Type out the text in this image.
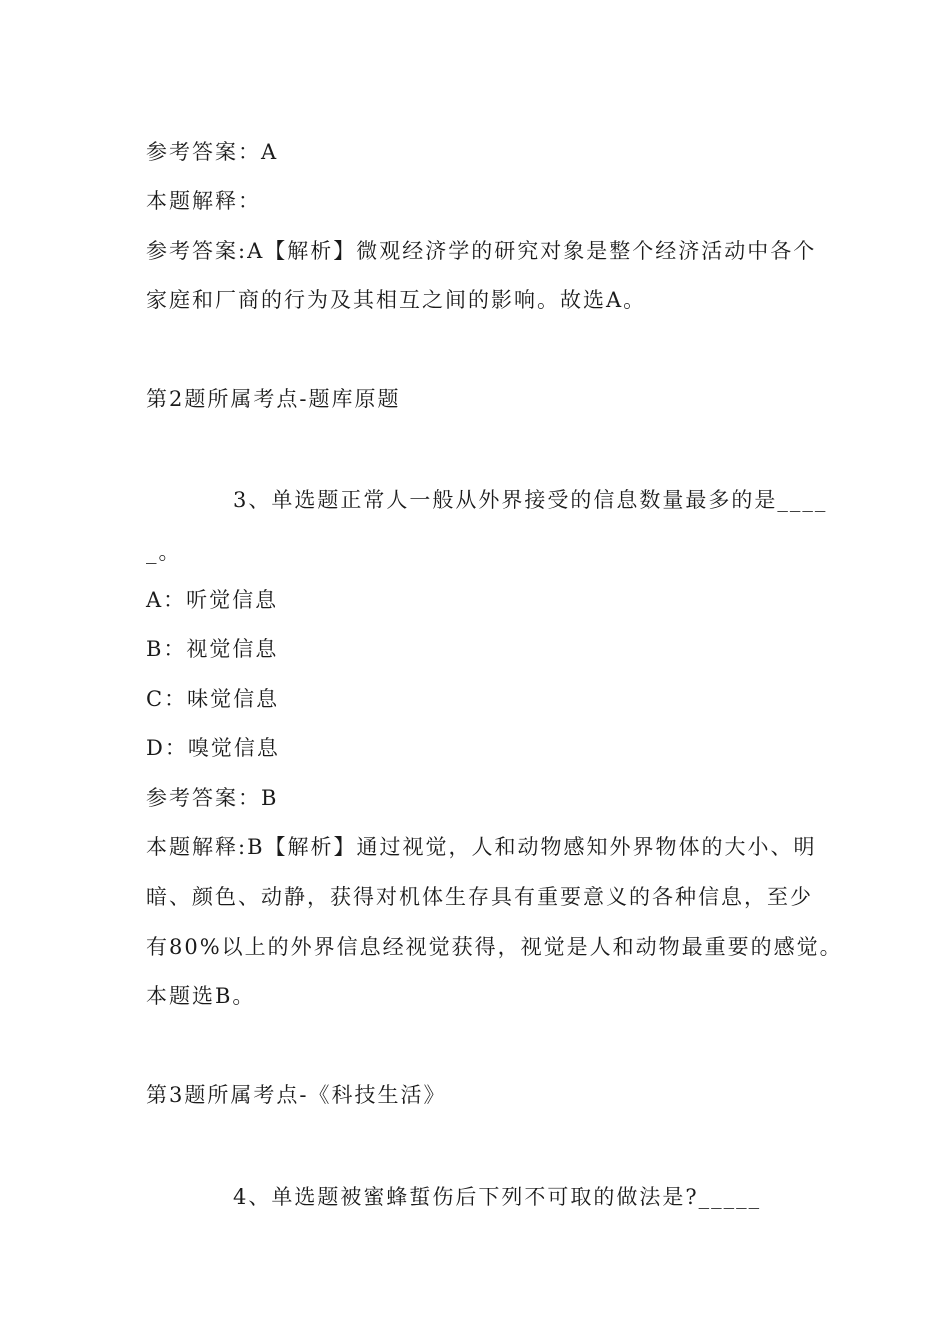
参考答案：A
本题解释：
参考答案:A【解析】微观经济学的研究对象是整个经济活动中各个
家庭和厂商的行为及其相互之间的影响。故选A。
第2题所属考点-题库原题
3、单选题正常人一般从外界接受的信息数量最多的是____
_。
A：听觉信息
B：视觉信息
C：味觉信息
D：嗅觉信息
参考答案：B
本题解释:B【解析】通过视觉，人和动物感知外界物体的大小、明
暗、颜色、动静，获得对机体生存具有重要意义的各种信息，至少
有80%以上的外界信息经视觉获得，视觉是人和动物最重要的感觉。
本题选B。
第3题所属考点-《科技生活》
4、单选题被蜜蜂蜇伤后下列不可取的做法是?_____
